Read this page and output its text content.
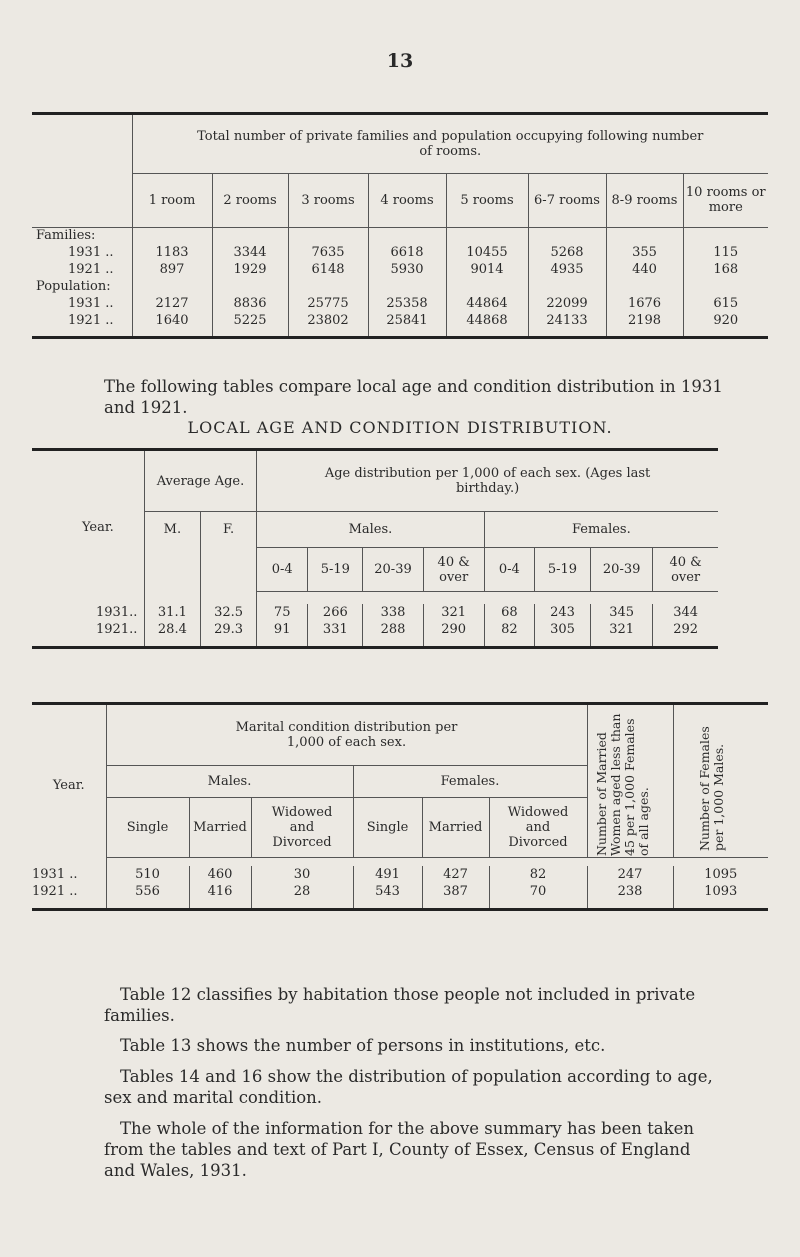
13

	Total number of private families and population occupying following number of rooms.							
	1 room	2 rooms	3 rooms	4 rooms	5 rooms	6-7 rooms	8-9 rooms	10 rooms or more
Families:								
1931 ..	1183	3344	7635	6618	10455	5268	355	115
1921 ..	897	1929	6148	5930	9014	4935	440	168
Population:								
1931 ..	2127	8836	25775	25358	44864	22099	1676	615
1921 ..	1640	5225	23802	25841	44868	24133	2198	920

The following tables compare local age and condition distribution in 1931 and 1921.
LOCAL AGE AND CONDITION DISTRIBUTION.
Year.	Average Age.		Age distribution per 1,000 of each sex. (Ages last birthday.)							
	M.	F.	Males.				Females.			
			0-4	5-19	20-39	40 & over	0-4	5-19	20-39	40 & over

1931..	31.1	32.5	75	266	338	321	68	243	345	344
1921..	28.4	29.3	91	331	288	290	82	305	321	292

Year.	Marital condition distribution per 1,000 of each sex.						Number of Married Women aged less than 45 per 1,000 Females of all ages.	Number of Females per 1,000 Males.

	Males.			Females.				
	Single	Married	Widowed and Divorced	Single	Married	Widowed and Divorced		

1931 ..	510	460	30	491	427	82	247	1095
1921 ..	556	416	28	543	387	70	238	1093

Table 12 classifies by habitation those people not included in private families.
Table 13 shows the number of persons in institutions, etc.
Tables 14 and 16 show the distribution of population according to age, sex and marital condition.
The whole of the information for the above summary has been taken from the tables and text of Part I, County of Essex, Census of England and Wales, 1931.
